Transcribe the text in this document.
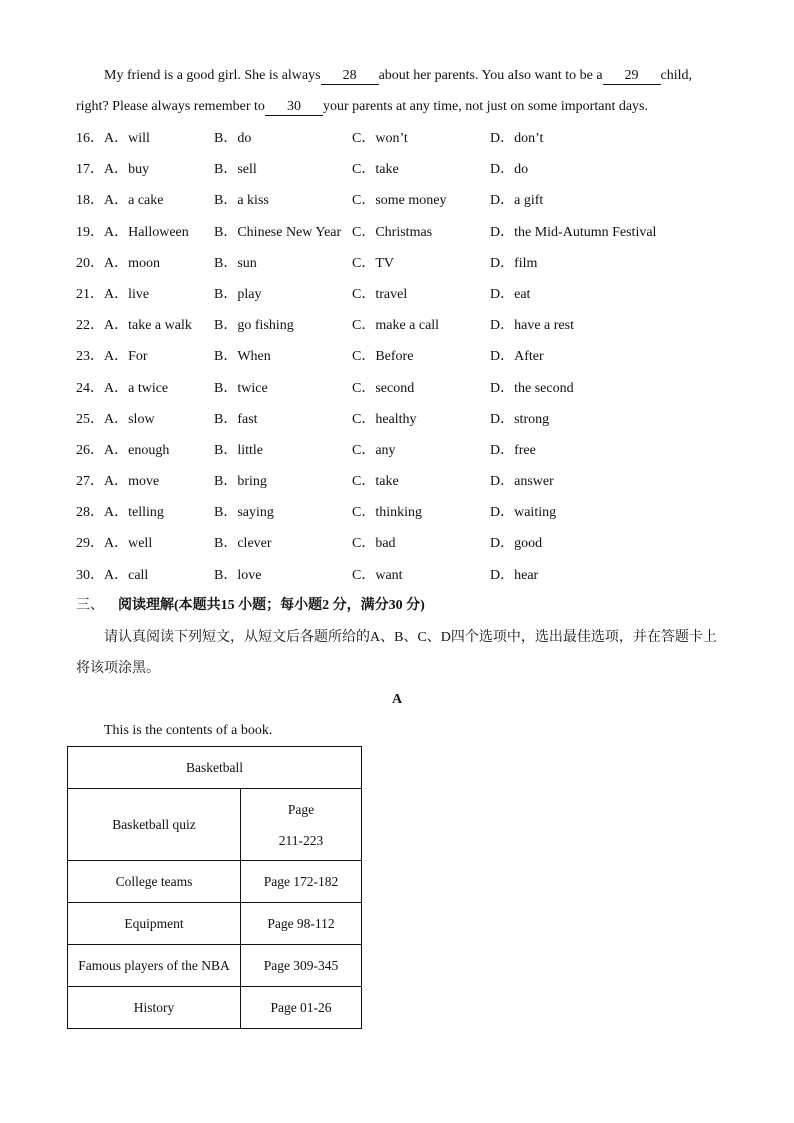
My friend is a good girl. She is always 28 about her parents. You aIso want to be a 29 child,
right? Please always remember to 30 your parents at any time, not just on some important days.
16． A．will	B．do	C．won’t	D．don’t
17． A．buy	B．sell	C．take	D．do
18． A．a cake	B．a kiss	C．some money	D．a gift
19． A．Halloween B．Chinese New Year C．Christmas	D．the Mid-Autumn Festival
20． A．moon	B．sun	C．TV	D．film
21． A．live	B．play	C．travel	D．eat
22． A．take a walk B．go fishing	C．make a call	D．have a rest
23． A．For	B．When	C．Before	D．After
24． A．a twice	B．twice	C．second	D．the second
25． A．slow	B．fast	C．healthy	D．strong
26． A．enough	B．little	C．any	D．free
27． A．move	B．bring	C．take	D．answer
28． A．telling	B．saying	C．thinking	D．waiting
29． A．well	B．clever	C．bad	D．good
30． A．call	B．love	C．want	D．hear
三、 阅读理解(本题共15 小题；每小题2 分，满分30 分)
请认真阅读下列短文，从短文后各题所给的A、B、C、D四个选项中，选出最佳选项，并在答题卡上
将该项涂黑。
A
This is the contents of a book.
Basketball	
Basketball quiz	Page
211-223

College teams	Page 172-182
Equipment	Page 98-112
Famous players of the NBA	Page 309-345
History	Page 01-26
